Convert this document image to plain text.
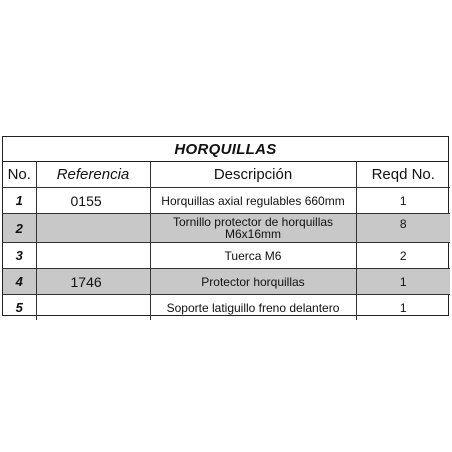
HORQUILLAS
No.	Referencia	Descripción	Reqd No.
1	0155	Horquillas axial regulables 660mm	1
2		Tornillo protector de horquillas M6x16mm	8
3		Tuerca M6	2
4	1746	Protector horquillas	1
5		Soporte latiguillo freno delantero	1
